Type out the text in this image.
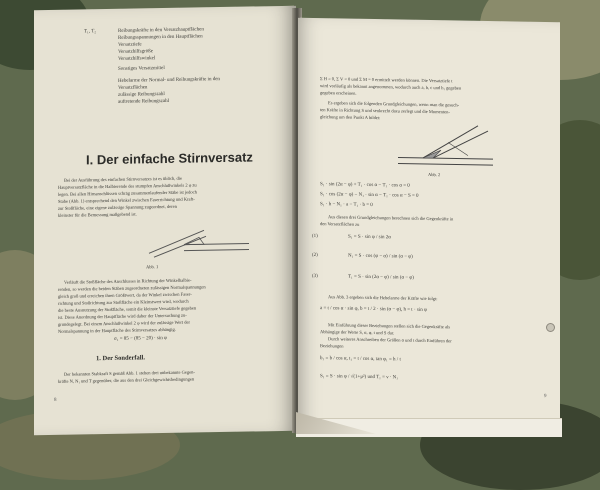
T₁, T₂	Reibungskräfte in den Versatzhauptflächen
Reibungsspannungen in den Hauptflächen
Versatztiefe
Versatzhilfsgröße
Versatzhilfswinkel
Sonstiges Versatzmittel
Hebelarme der Normal- und Reibungskräfte in den
Versatzflächen
zulässige Reibungszahl
auftretende Reibungszahl
I. Der einfache Stirnversatz
Bei der Ausführung des einfachen Stirnversatzes ist es üblich, die
Hauptversatzfläche in die Halbierende des stumpfen Anschlußwinkels 2 φ zu
legen. Bei allen Hirnanschlüssen schräg zusammenlaufender Stäbe ist jedoch
Stabe (Abb. 1) entsprechend den Winkel zwischen Faserrichtung und Kraft-
zur Stoßfläche, eine eigene zulässige Spannung zugeordnet, deren
kleinster für die Bemessung maßgebend ist.
Abb. 1
Verläuft die Stoßfläche des Anschlusses in Richtung der Winkelhalbie-
renden, so werden die beiden Stäben zugeordneten zulässigen Normalspannungen
gleich groß und erreichen ihren Größtwert, da der Winkel zwischen Faser-
richtung und Stoßrichtung zur Stoßfläche ein Kleinstwert wird, wodurch
die beste Ausnutzung der Stoßfläche, somit die kleinste Versatztiefe gegeben
ist. Diese Anordnung der Hauptfläche wird daher der Untersuchung zu-
grundegelegt. Bei einem Anschlußwinkel 2 φ wird der zulässige Wert der
Normalspannung in der Hauptfläche des Stirnversatzes abhängig.
σ₁ = 85 − (85 − 20) · sin φ
1. Der Sonderfall.
Der bekannten Stabkraft S gemäß Abb. 1 stehen drei unbekannte Gegen-
kräfte N, N₁ und T gegenüber, die aus den drei Gleichgewichtsbedingungen
8
Σ H = 0, Σ V = 0 und Σ M = 0 ermittelt werden können. Die Versatztiefe t
wird vorläufig als bekannt angenommen, wodurch auch a, b, c und h₁ gegeben
gegeben erscheinen.
Es ergeben sich die folgenden Grundgleichungen, wenn man die gesuch-
ten Kräfte in Richtung S und senkrecht dazu zerlegt und die Momenten-
gleichung um den Punkt A bildet:
Abb. 2
S₁ · sin (2α − φ) + T₁ · cos α − T₁ · cos α = 0
S₁ · cos (2α − φ) − N₁ · sin α − T₁ · cos α − S = 0
S₁ · h − N₁ · a − T₁ · b = 0
Aus diesen drei Grundgleichungen berechnen sich die Gegenkräfte in
den Versatzflächen zu
(1)	S₁ = S · sin φ / sin 2α
(2)	N₁ = S · cos (φ − α) / sin (α − φ)
(3)	T₁ = S · sin (2α − φ) / sin (α − φ)
Aus Abb. 3 ergeben sich die Hebelarme der Kräfte wie folgt:
a = t / cos α · sin φ, b = t / 2 · sin (α − φ), h = t · sin φ
Mit Einführung dieser Beziehungen stellen sich die Gegenkräfte als
Abhängige der Werte S, α, φ, t und S dar.
Durch weiteres Anschreiben der Größen α und t durch Einführen der
Beziehungen
b₁ = b / cos α, t₁ = t / cos α, tan φ₁ = h / t
S₁ = S · sin φ / √(1+μ²) und T₁ = ν · N₁
9
